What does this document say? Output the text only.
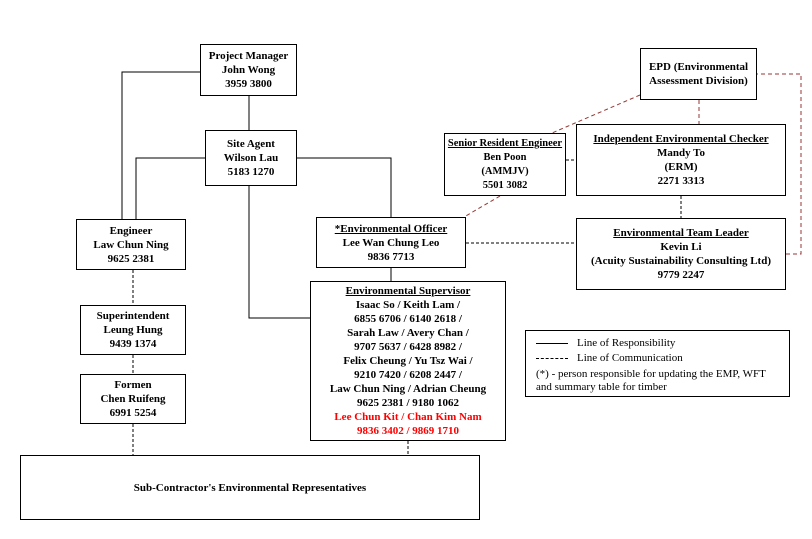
Project Manager
John Wong
3959 3800
Site Agent
Wilson Lau
5183 1270
Engineer
Law Chun Ning
9625 2381
*Environmental Officer
Lee Wan Chung Leo
9836 7713
EPD (Environmental Assessment Division)
Senior Resident Engineer
Ben Poon
(AMMJV)
5501 3082
Independent Environmental Checker
Mandy To
(ERM)
2271 3313
Environmental Team Leader
Kevin Li
(Acuity Sustainability Consulting Ltd)
9779 2247
Superintendent
Leung Hung
9439 1374
Environmental Supervisor
Isaac So / Keith Lam /
6855 6706 / 6140 2618 /
Sarah Law / Avery Chan /
9707 5637 / 6428 8982 /
Felix Cheung / Yu Tsz Wai /
9210 7420 / 6208 2447 /
Law Chun Ning / Adrian Cheung
9625 2381 / 9180 1062
Lee Chun Kit / Chan Kim Nam
9836 3402 / 9869 1710
Formen
Chen Ruifeng
6991 5254
Sub-Contractor's Environmental Representatives
Line of Responsibility
Line of Communication
(*) - person responsible for updating the EMP, WFT and summary table for timber
